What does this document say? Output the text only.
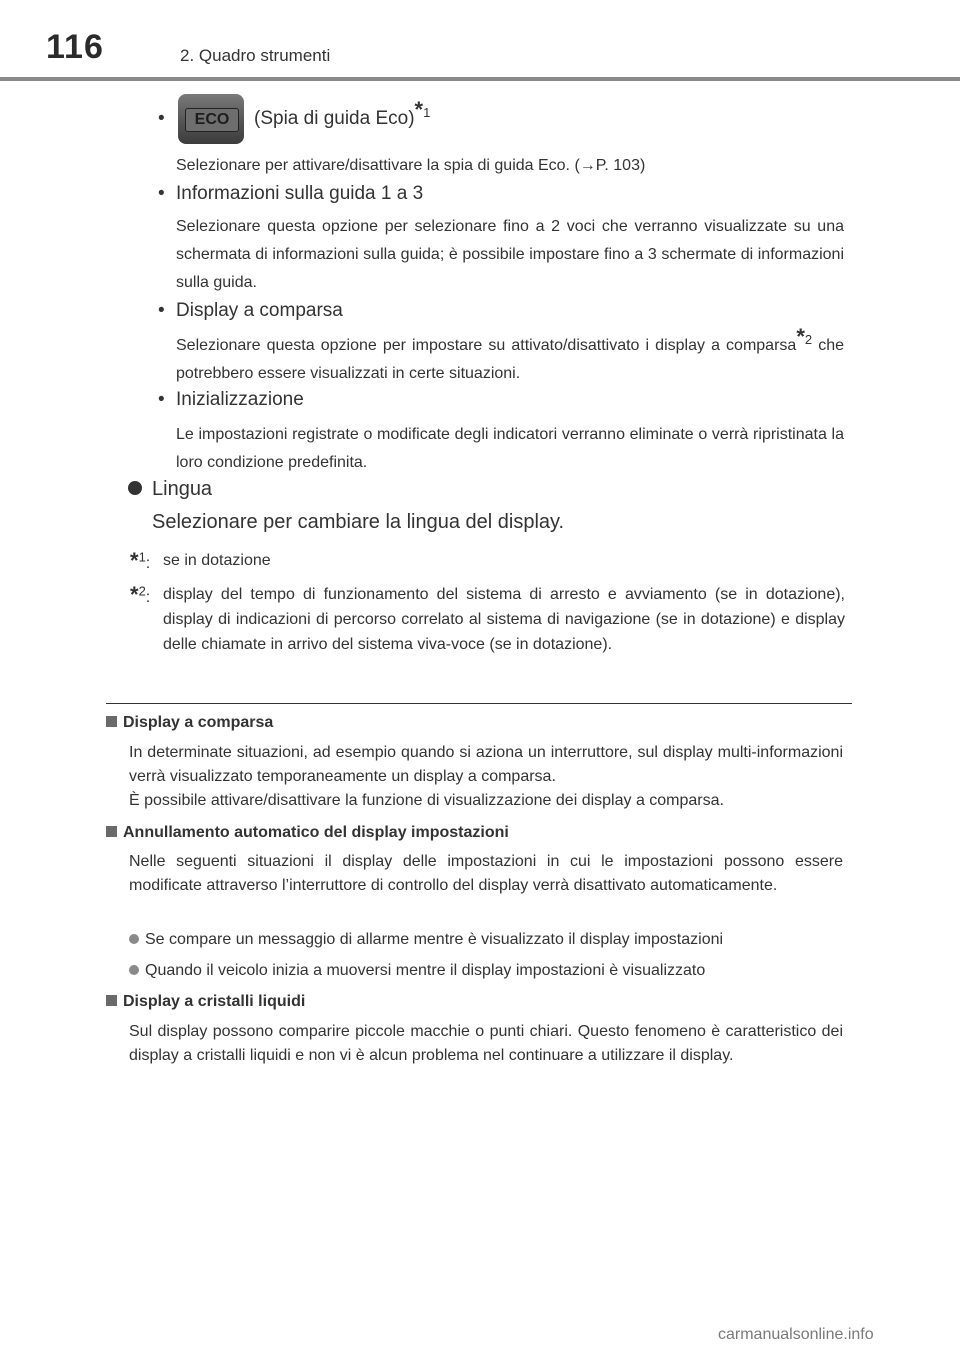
116	2. Quadro strumenti
•	ECO	(Spia di guida Eco)$^{*1}$
Selezionare per attivare/disattivare la spia di guida Eco. (→P. 103)
• Informazioni sulla guida 1 a 3
Selezionare questa opzione per selezionare fino a 2 voci che verranno visualizzate su una schermata di informazioni sulla guida; è possibile impostare fino a 3 schermate di informazioni sulla guida.
• Display a comparsa
Selezionare questa opzione per impostare su attivato/disattivato i display a comparsa$^{*2}$ che potrebbero essere visualizzati in certe situazioni.
• Inizializzazione
Le impostazioni registrate o modificate degli indicatori verranno eliminate o verrà ripristinata la loro condizione predefinita.
Lingua
Selezionare per cambiare la lingua del display.
*$^1$: se in dotazione
*$^2$: display del tempo di funzionamento del sistema di arresto e avviamento (se in dotazione), display di indicazioni di percorso correlato al sistema di navigazione (se in dotazione) e display delle chiamate in arrivo del sistema viva-voce (se in dotazione).
Display a comparsa

In determinate situazioni, ad esempio quando si aziona un interruttore, sul display multi-informazioni verrà visualizzato temporaneamente un display a comparsa.

È possibile attivare/disattivare la funzione di visualizzazione dei display a comparsa.

Annullamento automatico del display impostazioni

Nelle seguenti situazioni il display delle impostazioni in cui le impostazioni possono essere modificate attraverso l’interruttore di controllo del display verrà disattivato automaticamente.

Se compare un messaggio di allarme mentre è visualizzato il display impostazioni
Quando il veicolo inizia a muoversi mentre il display impostazioni è visualizzato
Display a cristalli liquidi

Sul display possono comparire piccole macchie o punti chiari. Questo fenomeno è caratteristico dei display a cristalli liquidi e non vi è alcun problema nel continuare a utilizzare il display.

carmanualsonline.info
